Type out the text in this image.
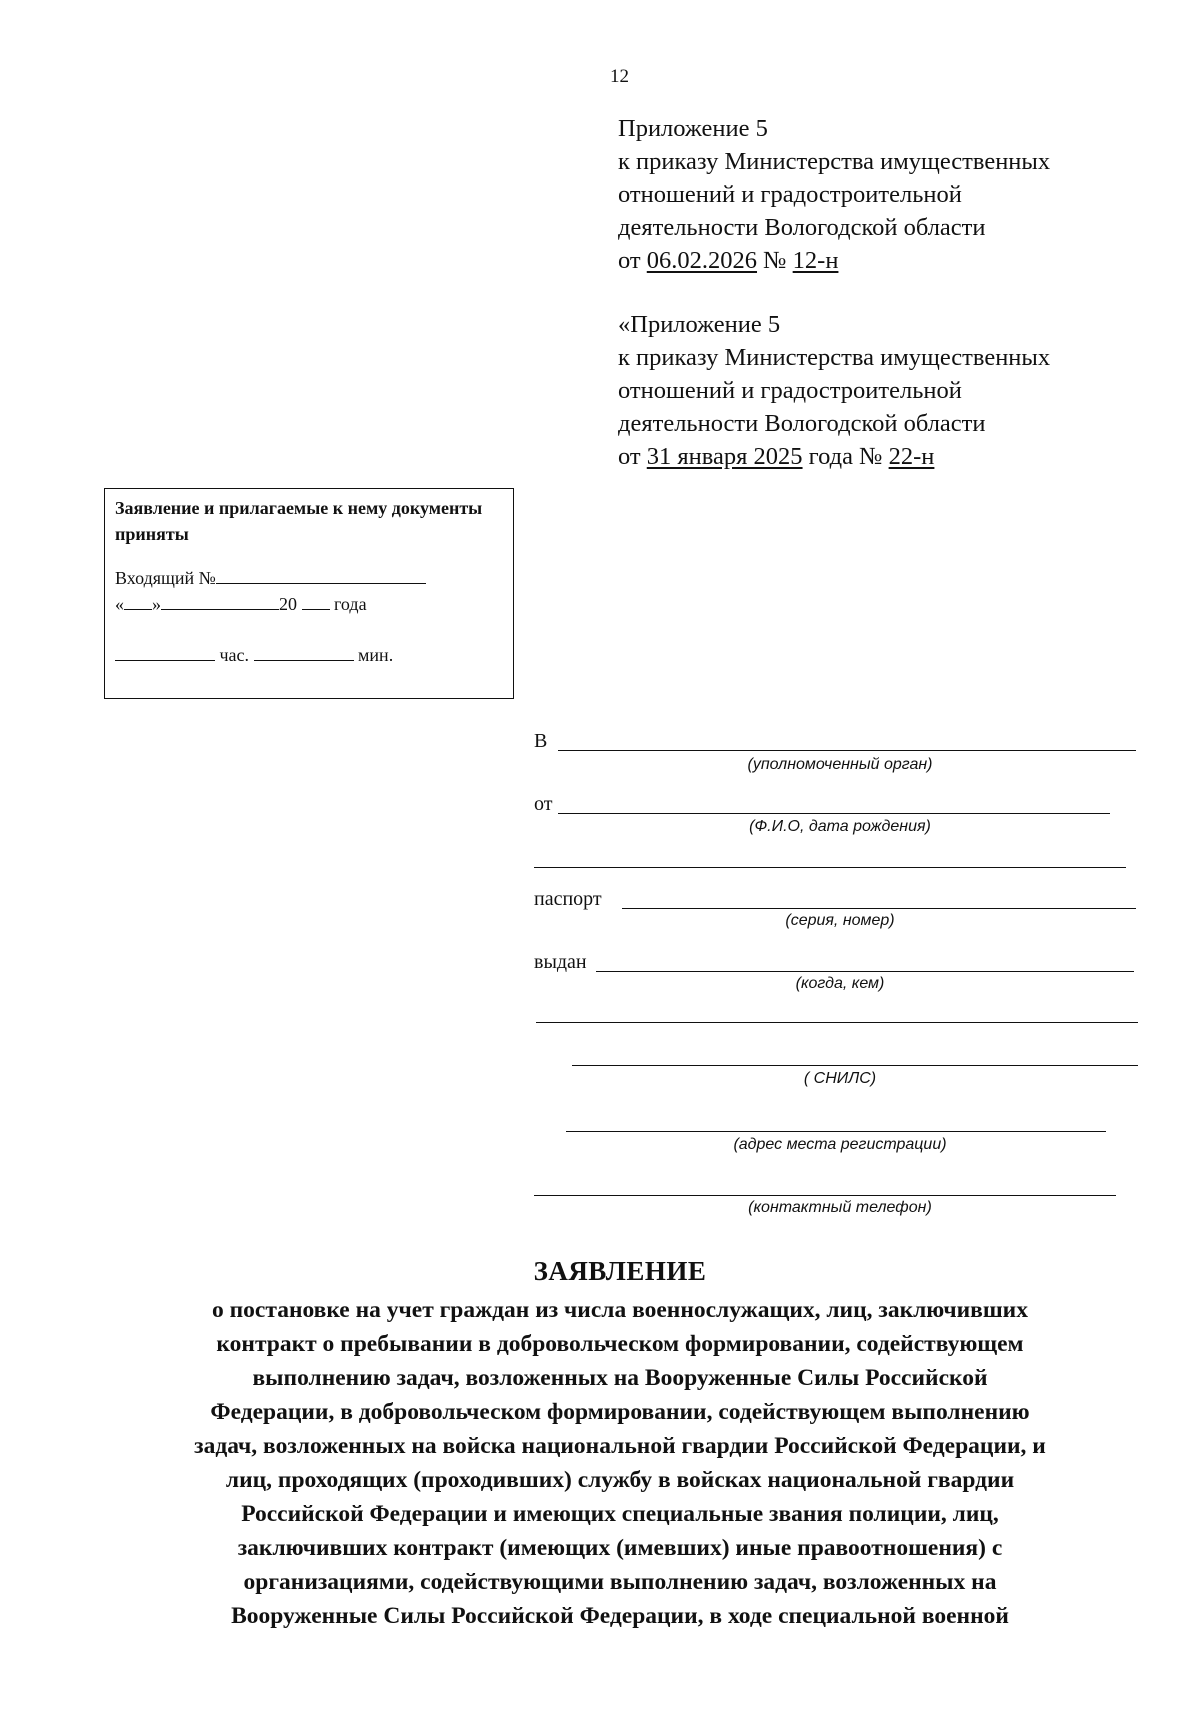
12
Приложение 5
к приказу Министерства имущественных
отношений и градостроительной
деятельности Вологодской области
от 06.02.2026 № 12-н
«Приложение 5
к приказу Министерства имущественных
отношений и градостроительной
деятельности Вологодской области
от 31 января 2025 года № 22-н
Заявление и прилагаемые к нему документы приняты
Входящий №
« »	20 года
час.	мин.
В
(уполномоченный орган)
от
(Ф.И.О, дата рождения)
паспорт
(серия, номер)
выдан
(когда, кем)
( СНИЛС)
(адрес места регистрации)
(контактный телефон)
ЗАЯВЛЕНИЕ
о постановке на учет граждан из числа военнослужащих, лиц, заключивших
контракт о пребывании в добровольческом формировании, содействующем
выполнению задач, возложенных на Вооруженные Силы Российской
Федерации, в добровольческом формировании, содействующем выполнению
задач, возложенных на войска национальной гвардии Российской Федерации, и
лиц, проходящих (проходивших) службу в войсках национальной гвардии
Российской Федерации и имеющих специальные звания полиции, лиц,
заключивших контракт (имеющих (имевших) иные правоотношения) с
организациями, содействующими выполнению задач, возложенных на
Вооруженные Силы Российской Федерации, в ходе специальной военной
